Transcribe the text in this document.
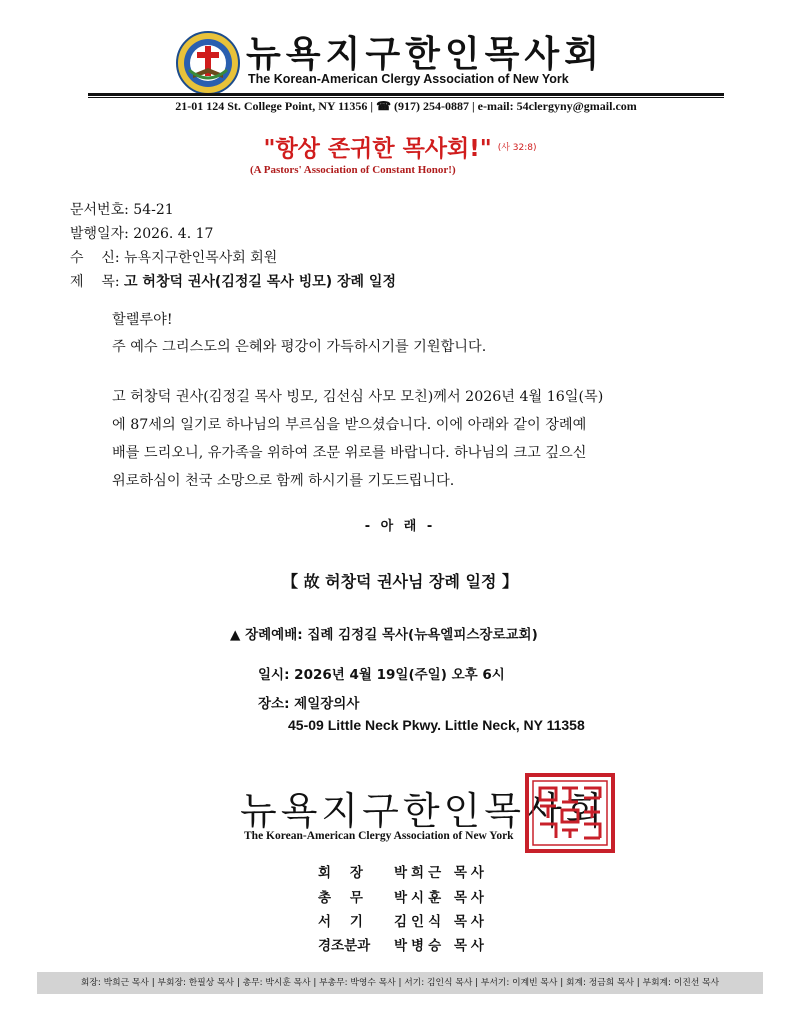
뉴욕지구한인목사회
The Korean-American Clergy Association of New York
21-01 124 St. College Point, NY 11356 | ☎ (917) 254-0887 | e-mail: 54clergyny@gmail.com
"항상 존귀한 목사회!" $^{(사 32:8)}$
(A Pastors' Association of Constant Honor!)
문서번호: 54-21
발행일자: 2026. 4. 17
수    신: 뉴욕지구한인목사회 회원
제    목: 고 허창덕 권사(김정길 목사 빙모) 장례 일정
할렐루야!
주 예수 그리스도의 은혜와 평강이 가득하시기를 기원합니다.
고 허창덕 권사(김정길 목사 빙모, 김선심 사모 모친)께서 2026년 4월 16일(목)
에 87세의 일기로 하나님의 부르심을 받으셨습니다. 이에 아래와 같이 장례예
배를 드리오니, 유가족을 위하여 조문 위로를 바랍니다. 하나님의 크고 깊으신
위로하심이 천국 소망으로 함께 하시기를 기도드립니다.
- 아 래 -
【 故 허창덕 권사님 장례 일정 】
▲ 장례예배: 집례 김정길 목사(뉴욕엘피스장로교회)
일시: 2026년 4월 19일(주일) 오후 6시
장소: 제일장의사
45-09 Little Neck Pkwy. Little Neck, NY 11358
뉴욕지구한인목사회
The Korean-American Clergy Association of New York
회    장 박희근 목사
총    무 박시훈 목사
서    기 김인식 목사
경조분과 박병승 목사
회장: 박희근 목사 | 부회장: 한필상 목사 | 총무: 박시훈 목사 | 부총무: 박영수 목사 | 서기: 김인식 목사 | 부서기: 이계빈 목사 | 회계: 정금희 목사 | 부회계: 이진선 목사
